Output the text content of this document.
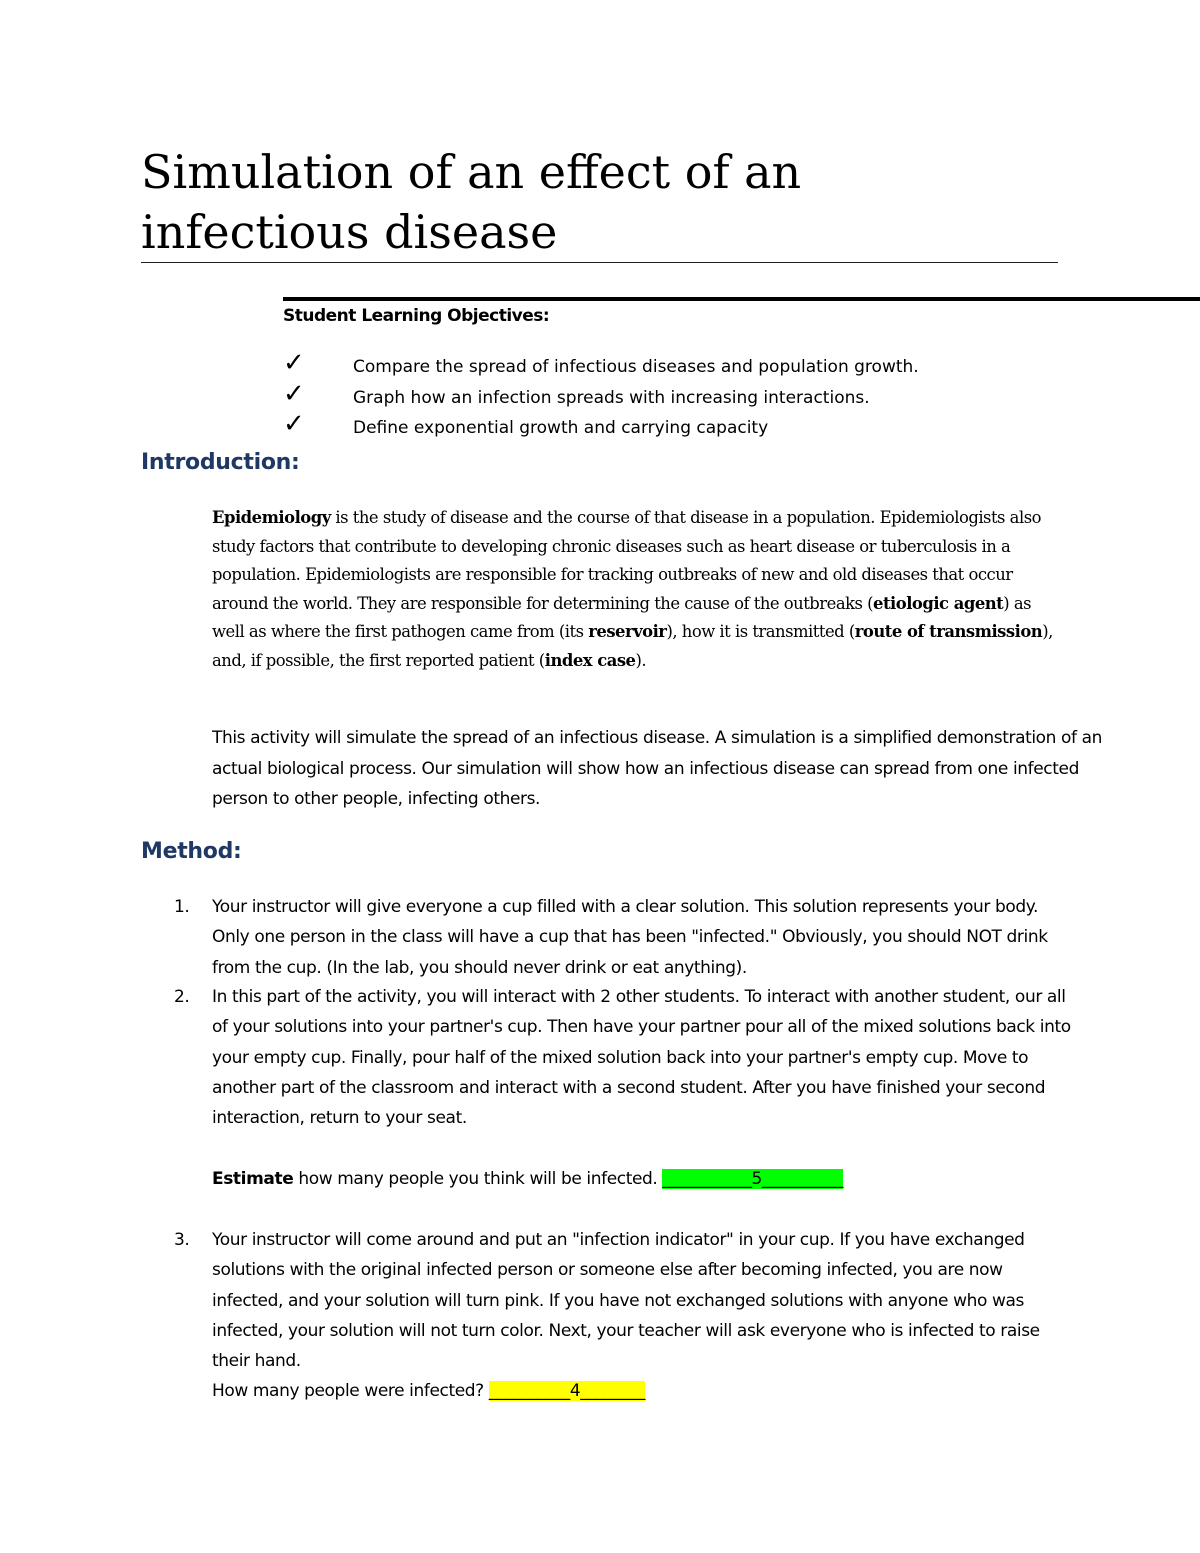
Simulation of an effect of an infectious disease
Student Learning Objectives:
✓	Compare the spread of infectious diseases and population growth.
✓	Graph how an infection spreads with increasing interactions.
✓	Define exponential growth and carrying capacity
Introduction:

Epidemiology is the study of disease and the course of that disease in a population. Epidemiologists also study factors that contribute to developing chronic diseases such as heart disease or tuberculosis in a population. Epidemiologists are responsible for tracking outbreaks of new and old diseases that occur around the world. They are responsible for determining the cause of the outbreaks (etiologic agent) as well as where the first pathogen came from (its reservoir), how it is transmitted (route of transmission), and, if possible, the first reported patient (index case).

This activity will simulate the spread of an infectious disease. A simulation is a simplified demonstration of an actual biological process. Our simulation will show how an infectious disease can spread from one infected person to other people, infecting others.

Method:
1. Your instructor will give everyone a cup filled with a clear solution. This solution represents your body. Only one person in the class will have a cup that has been "infected." Obviously, you should NOT drink from the cup. (In the lab, you should never drink or eat anything).
2. In this part of the activity, you will interact with 2 other students. To interact with another student, our all of your solutions into your partner's cup. Then have your partner pour all of the mixed solutions back into your empty cup. Finally, pour half of the mixed solution back into your partner's empty cup. Move to another part of the classroom and interact with a second student. After you have finished your second interaction, return to your seat.
Estimate how many people you think will be infected. ___________5__________
3. Your instructor will come around and put an "infection indicator" in your cup. If you have exchanged solutions with the original infected person or someone else after becoming infected, you are now infected, and your solution will turn pink. If you have not exchanged solutions with anyone who was infected, your solution will not turn color. Next, your teacher will ask everyone who is infected to raise their hand.
How many people were infected? __________4________
